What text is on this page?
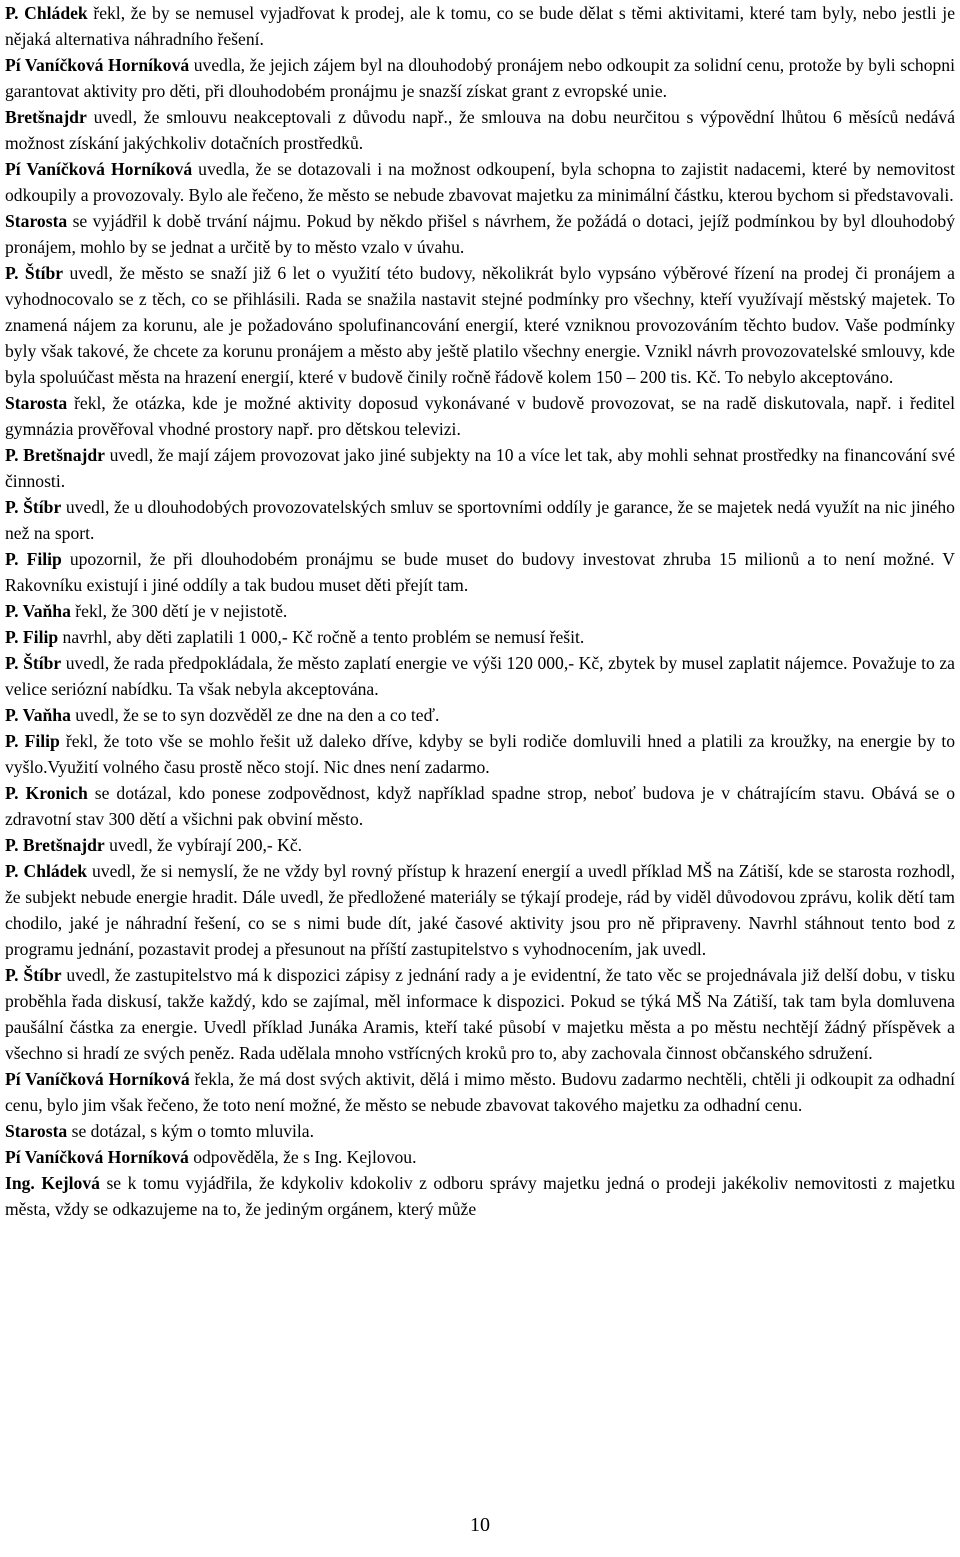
P. Chládek řekl, že by se nemusel vyjadřovat k prodej, ale k tomu, co se bude dělat s těmi aktivitami, které tam byly, nebo jestli je nějaká alternativa náhradního řešení.

Pí Vaníčková Horníková uvedla, že jejich zájem byl na dlouhodobý pronájem nebo odkoupit za solidní cenu, protože by byli schopni garantovat aktivity pro děti, při dlouhodobém pronájmu je snazší získat grant z evropské unie.

Bretšnajdr uvedl, že smlouvu neakceptovali z důvodu např., že smlouva na dobu neurčitou s výpovědní lhůtou 6 měsíců nedává možnost získání jakýchkoliv dotačních prostředků.

Pí Vaníčková Horníková uvedla, že se dotazovali i na možnost odkoupení, byla schopna to zajistit nadacemi, které by nemovitost odkoupily a provozovaly. Bylo ale řečeno, že město se nebude zbavovat majetku za minimální částku, kterou bychom si představovali.

Starosta se vyjádřil k době trvání nájmu. Pokud by někdo přišel s návrhem, že požádá o dotaci, jejíž podmínkou by byl dlouhodobý pronájem, mohlo by se jednat a určitě by to město vzalo v úvahu.

P. Štíbr uvedl, že město se snaží již 6 let o využití této budovy, několikrát bylo vypsáno výběrové řízení na prodej či pronájem a vyhodnocovalo se z těch, co se přihlásili. Rada se snažila nastavit stejné podmínky pro všechny, kteří využívají městský majetek. To znamená nájem za korunu, ale je požadováno spolufinancování energií, které vzniknou provozováním těchto budov. Vaše podmínky byly však takové, že chcete za korunu pronájem a město aby ještě platilo všechny energie. Vznikl návrh provozovatelské smlouvy, kde byla spoluúčast města na hrazení energií, které v budově činily ročně řádově kolem 150 – 200 tis. Kč. To nebylo akceptováno.

Starosta řekl, že otázka, kde je možné aktivity doposud vykonávané v budově provozovat, se na radě diskutovala, např. i ředitel gymnázia prověřoval vhodné prostory např. pro dětskou televizi.

P. Bretšnajdr uvedl, že mají zájem provozovat jako jiné subjekty na 10 a více let tak, aby mohli sehnat prostředky na financování své činnosti.

P. Štíbr uvedl, že u dlouhodobých provozovatelských smluv se sportovními oddíly je garance, že se majetek nedá využít na nic jiného než na sport.

P. Filip upozornil, že při dlouhodobém pronájmu se bude muset do budovy investovat zhruba 15 milionů a to není možné. V Rakovníku existují i jiné oddíly a tak budou muset děti přejít tam.

P. Vaňha řekl, že 300 dětí je v nejistotě.

P. Filip navrhl, aby děti zaplatili 1 000,- Kč ročně a tento problém se nemusí řešit.

P. Štíbr uvedl, že rada předpokládala, že město zaplatí energie ve výši 120 000,- Kč, zbytek by musel zaplatit nájemce. Považuje to za velice seriózní nabídku. Ta však nebyla akceptována.

P. Vaňha uvedl, že se to syn dozvěděl ze dne na den a co teď.

P. Filip řekl, že toto vše se mohlo řešit už daleko dříve, kdyby se byli rodiče domluvili hned a platili za kroužky, na energie by to vyšlo.Využití volného času prostě něco stojí. Nic dnes není zadarmo.

P. Kronich se dotázal, kdo ponese zodpovědnost, když například spadne strop, neboť budova je v chátrajícím stavu. Obává se o zdravotní stav 300 dětí a všichni pak obviní město.

P. Bretšnajdr uvedl, že vybírají 200,- Kč.

P. Chládek uvedl, že si nemyslí, že ne vždy byl rovný přístup k hrazení energií a uvedl příklad MŠ na Zátiší, kde se starosta rozhodl, že subjekt nebude energie hradit. Dále uvedl, že předložené materiály se týkají prodeje, rád by viděl důvodovou zprávu, kolik dětí tam chodilo, jaké je náhradní řešení, co se s nimi bude dít, jaké časové aktivity jsou pro ně připraveny. Navrhl stáhnout tento bod z programu jednání, pozastavit prodej a přesunout na příští zastupitelstvo s vyhodnocením, jak uvedl.

P. Štíbr uvedl, že zastupitelstvo má k dispozici zápisy z jednání rady a je evidentní, že tato věc se projednávala již delší dobu, v tisku proběhla řada diskusí, takže každý, kdo se zajímal, měl informace k dispozici. Pokud se týká MŠ Na Zátiší, tak tam byla domluvena paušální částka za energie. Uvedl příklad Junáka Aramis, kteří také působí v majetku města a po městu nechtějí žádný příspěvek a všechno si hradí ze svých peněz. Rada udělala mnoho vstřícných kroků pro to, aby zachovala činnost občanského sdružení.

Pí Vaníčková Horníková řekla, že má dost svých aktivit, dělá i mimo město. Budovu zadarmo nechtěli, chtěli ji odkoupit za odhadní cenu, bylo jim však řečeno, že toto není možné, že město se nebude zbavovat takového majetku za odhadní cenu.

Starosta se dotázal, s kým o tomto mluvila.

Pí Vaníčková Horníková odpověděla, že s Ing. Kejlovou.

Ing. Kejlová se k tomu vyjádřila, že kdykoliv kdokoliv z odboru správy majetku jedná o prodeji jakékoliv nemovitosti z majetku města, vždy se odkazujeme na to, že jediným orgánem, který může

10
